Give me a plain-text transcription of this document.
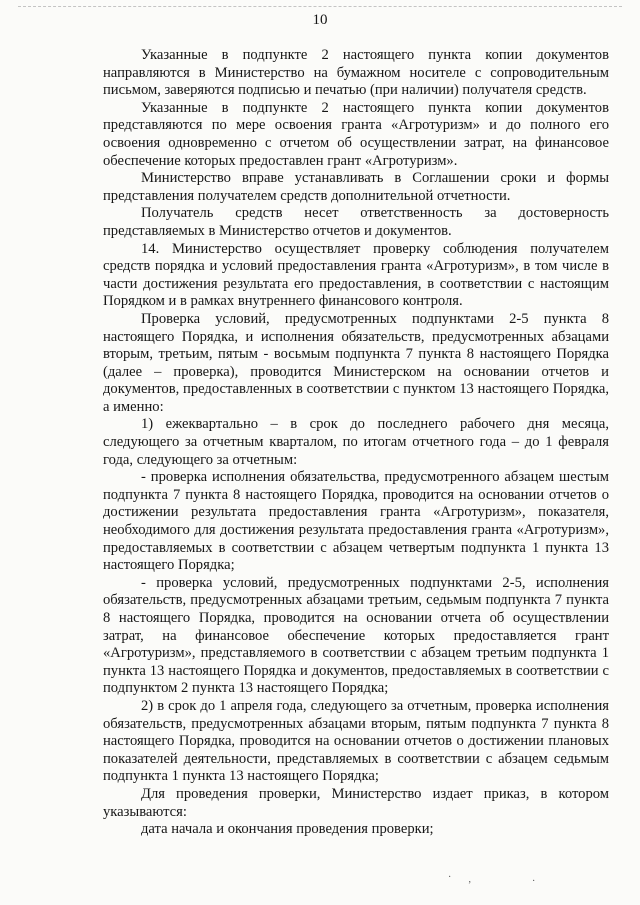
10

Указанные в подпункте 2 настоящего пункта копии документов направляются в Министерство на бумажном носителе с сопроводительным письмом, заверяются подписью и печатью (при наличии) получателя средств.

Указанные в подпункте 2 настоящего пункта копии документов представляются по мере освоения гранта «Агротуризм» и до полного его освоения одновременно с отчетом об осуществлении затрат, на финансовое обеспечение которых предоставлен грант «Агротуризм».

Министерство вправе устанавливать в Соглашении сроки и формы представления получателем средств дополнительной отчетности.

Получатель средств несет ответственность за достоверность представляемых в Министерство отчетов и документов.

14. Министерство осуществляет проверку соблюдения получателем средств порядка и условий предоставления гранта «Агротуризм», в том числе в части достижения результата его предоставления, в соответствии с настоящим Порядком и в рамках внутреннего финансового контроля.

Проверка условий, предусмотренных подпунктами 2-5 пункта 8 настоящего Порядка, и исполнения обязательств, предусмотренных абзацами вторым, третьим, пятым - восьмым подпункта 7 пункта 8 настоящего Порядка (далее – проверка), проводится Министерском на основании отчетов и документов, предоставленных в соответствии с пунктом 13 настоящего Порядка, а именно:

1) ежеквартально – в срок до последнего рабочего дня месяца, следующего за отчетным кварталом, по итогам отчетного года – до 1 февраля года, следующего за отчетным:

- проверка исполнения обязательства, предусмотренного абзацем шестым подпункта 7 пункта 8 настоящего Порядка, проводится на основании отчетов о достижении результата предоставления гранта «Агротуризм», показателя, необходимого для достижения результата предоставления гранта «Агротуризм», предоставляемых в соответствии с абзацем четвертым подпункта 1 пункта 13 настоящего Порядка;

- проверка условий, предусмотренных подпунктами 2-5, исполнения обязательств, предусмотренных абзацами третьим, седьмым подпункта 7 пункта 8 настоящего Порядка, проводится на основании отчета об осуществлении затрат, на финансовое обеспечение которых предоставляется грант «Агротуризм», представляемого в соответствии с абзацем третьим подпункта 1 пункта 13 настоящего Порядка и документов, предоставляемых в соответствии с подпунктом 2 пункта 13 настоящего Порядка;

2) в срок до 1 апреля года, следующего за отчетным, проверка исполнения обязательств, предусмотренных абзацами вторым, пятым подпункта 7 пункта 8 настоящего Порядка, проводится на основании отчетов о достижении плановых показателей деятельности, представляемых в соответствии с абзацем седьмым подпункта 1 пункта 13 настоящего Порядка;

Для проведения проверки, Министерство издает приказ, в котором указываются:

дата начала и окончания проведения проверки;

·
ʼ	·
